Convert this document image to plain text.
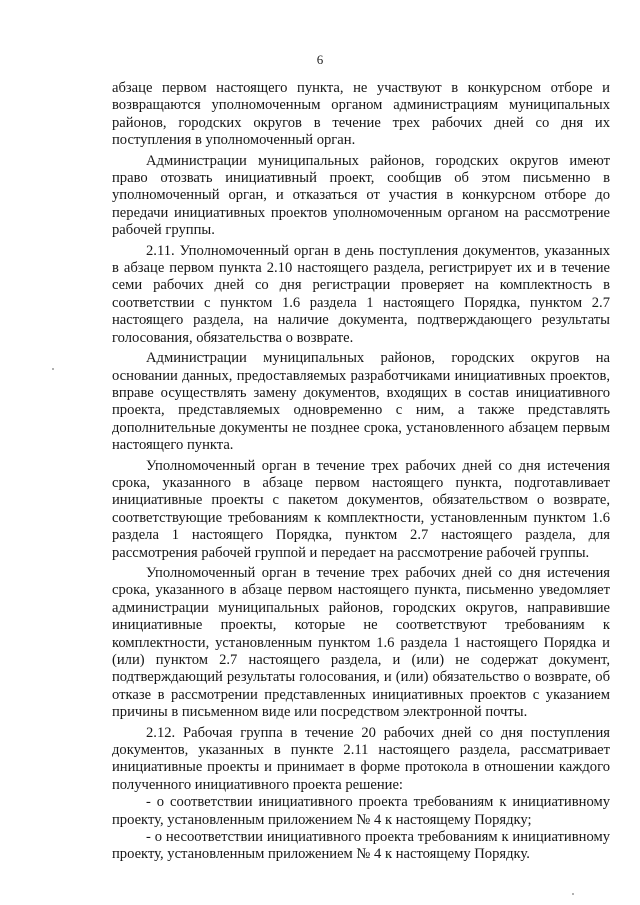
6

абзаце первом настоящего пункта, не участвуют в конкурсном отборе и возвращаются уполномоченным органом администрациям муниципальных районов, городских округов в течение трех рабочих дней со дня их поступления в уполномоченный орган.

Администрации муниципальных районов, городских округов имеют право отозвать инициативный проект, сообщив об этом письменно в уполномоченный орган, и отказаться от участия в конкурсном отборе до передачи инициативных проектов уполномоченным органом на рассмотрение рабочей группы.

2.11. Уполномоченный орган в день поступления документов, указанных в абзаце первом пункта 2.10 настоящего раздела, регистрирует их и в течение семи рабочих дней со дня регистрации проверяет на комплектность в соответствии с пунктом 1.6 раздела 1 настоящего Порядка, пунктом 2.7 настоящего раздела, на наличие документа, подтверждающего результаты голосования, обязательства о возврате.

Администрации муниципальных районов, городских округов на основании данных, предоставляемых разработчиками инициативных проектов, вправе осуществлять замену документов, входящих в состав инициативного проекта, представляемых одновременно с ним, а также представлять дополнительные документы не позднее срока, установленного абзацем первым настоящего пункта.

Уполномоченный орган в течение трех рабочих дней со дня истечения срока, указанного в абзаце первом настоящего пункта, подготавливает инициативные проекты с пакетом документов, обязательством о возврате, соответствующие требованиям к комплектности, установленным пунктом 1.6 раздела 1 настоящего Порядка, пунктом 2.7 настоящего раздела, для рассмотрения рабочей группой и передает на рассмотрение рабочей группы.

Уполномоченный орган в течение трех рабочих дней со дня истечения срока, указанного в абзаце первом настоящего пункта, письменно уведомляет администрации муниципальных районов, городских округов, направившие инициативные проекты, которые не соответствуют требованиям к комплектности, установленным пунктом 1.6 раздела 1 настоящего Порядка и (или) пунктом 2.7 настоящего раздела, и (или) не содержат документ, подтверждающий результаты голосования, и (или) обязательство о возврате, об отказе в рассмотрении представленных инициативных проектов с указанием причины в письменном виде или посредством электронной почты.

2.12. Рабочая группа в течение 20 рабочих дней со дня поступления документов, указанных в пункте 2.11 настоящего раздела, рассматривает инициативные проекты и принимает в форме протокола в отношении каждого полученного инициативного проекта решение:

- о соответствии инициативного проекта требованиям к инициативному проекту, установленным приложением № 4 к настоящему Порядку;

- о несоответствии инициативного проекта требованиям к инициативному проекту, установленным приложением № 4 к настоящему Порядку.
